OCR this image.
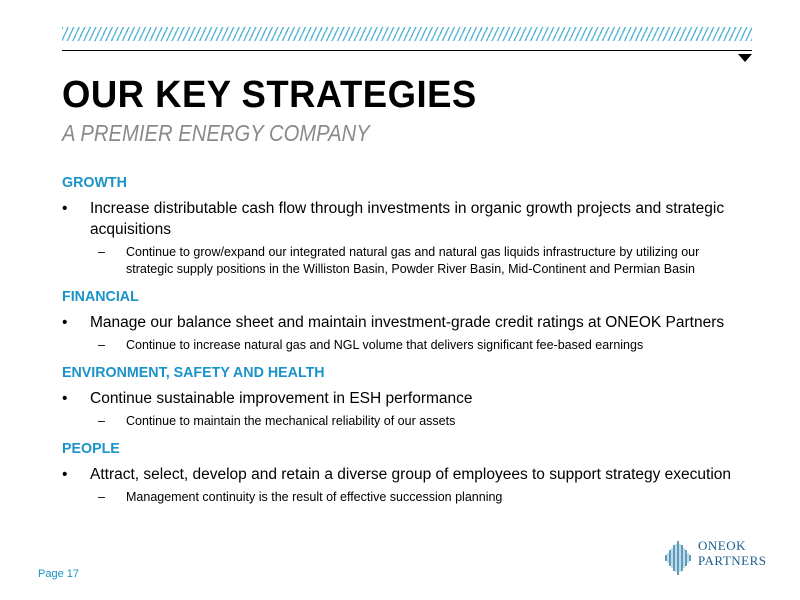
OUR KEY STRATEGIES
A PREMIER ENERGY COMPANY
GROWTH
• Increase distributable cash flow through investments in organic growth projects and strategic acquisitions
– Continue to grow/expand our integrated natural gas and natural gas liquids infrastructure by utilizing our strategic supply positions in the Williston Basin, Powder River Basin, Mid-Continent and Permian Basin
FINANCIAL
• Manage our balance sheet and maintain investment-grade credit ratings at ONEOK Partners
– Continue to increase natural gas and NGL volume that delivers significant fee-based earnings
ENVIRONMENT, SAFETY AND HEALTH
• Continue sustainable improvement in ESH performance
– Continue to maintain the mechanical reliability of our assets
PEOPLE
• Attract, select, develop and retain a diverse group of employees to support strategy execution
– Management continuity is the result of effective succession planning
Page 17
ONEOK
PARTNERS
